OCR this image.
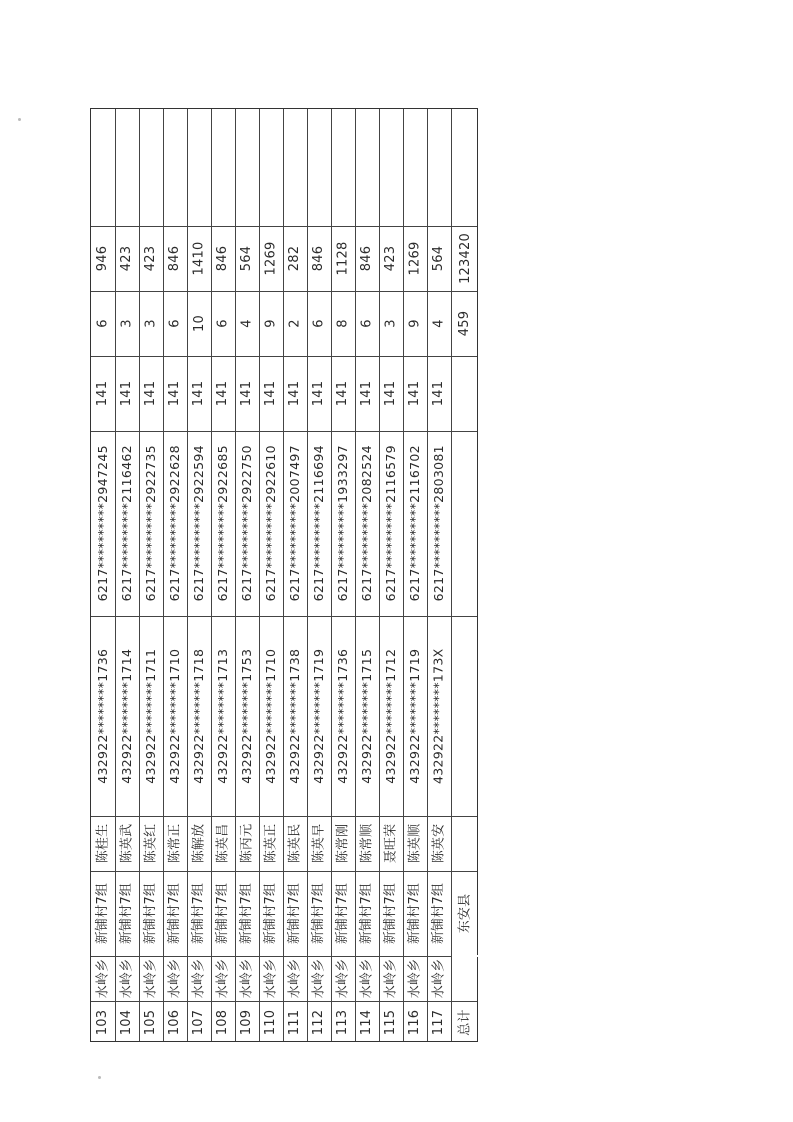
103
水岭乡
新铺村7组
陈桂生
432922********1736
6217**********2947245
141
6
946
104
水岭乡
新铺村7组
陈英武
432922********1714
6217**********2116462
141
3
423
105
水岭乡
新铺村7组
陈英红
432922********1711
6217**********2922735
141
3
423
106
水岭乡
新铺村7组
陈常正
432922********1710
6217**********2922628
141
6
846
107
水岭乡
新铺村7组
陈解放
432922********1718
6217**********2922594
141
10
1410
108
水岭乡
新铺村7组
陈英昌
432922********1713
6217**********2922685
141
6
846
109
水岭乡
新铺村7组
陈丙元
432922********1753
6217**********2922750
141
4
564
110
水岭乡
新铺村7组
陈英正
432922********1710
6217**********2922610
141
9
1269
111
水岭乡
新铺村7组
陈英民
432922********1738
6217**********2007497
141
2
282
112
水岭乡
新铺村7组
陈英早
432922********1719
6217**********2116694
141
6
846
113
水岭乡
新铺村7组
陈常刚
432922********1736
6217**********1933297
141
8
1128
114
水岭乡
新铺村7组
陈常顺
432922********1715
6217**********2082524
141
6
846
115
水岭乡
新铺村7组
聂旺荣
432922********1712
6217**********2116579
141
3
423
116
水岭乡
新铺村7组
陈英顺
432922********1719
6217**********2116702
141
9
1269
117
水岭乡
新铺村7组
陈英安
432922********173X
6217**********2803081
141
4
564
总计
东安县
459
123420
